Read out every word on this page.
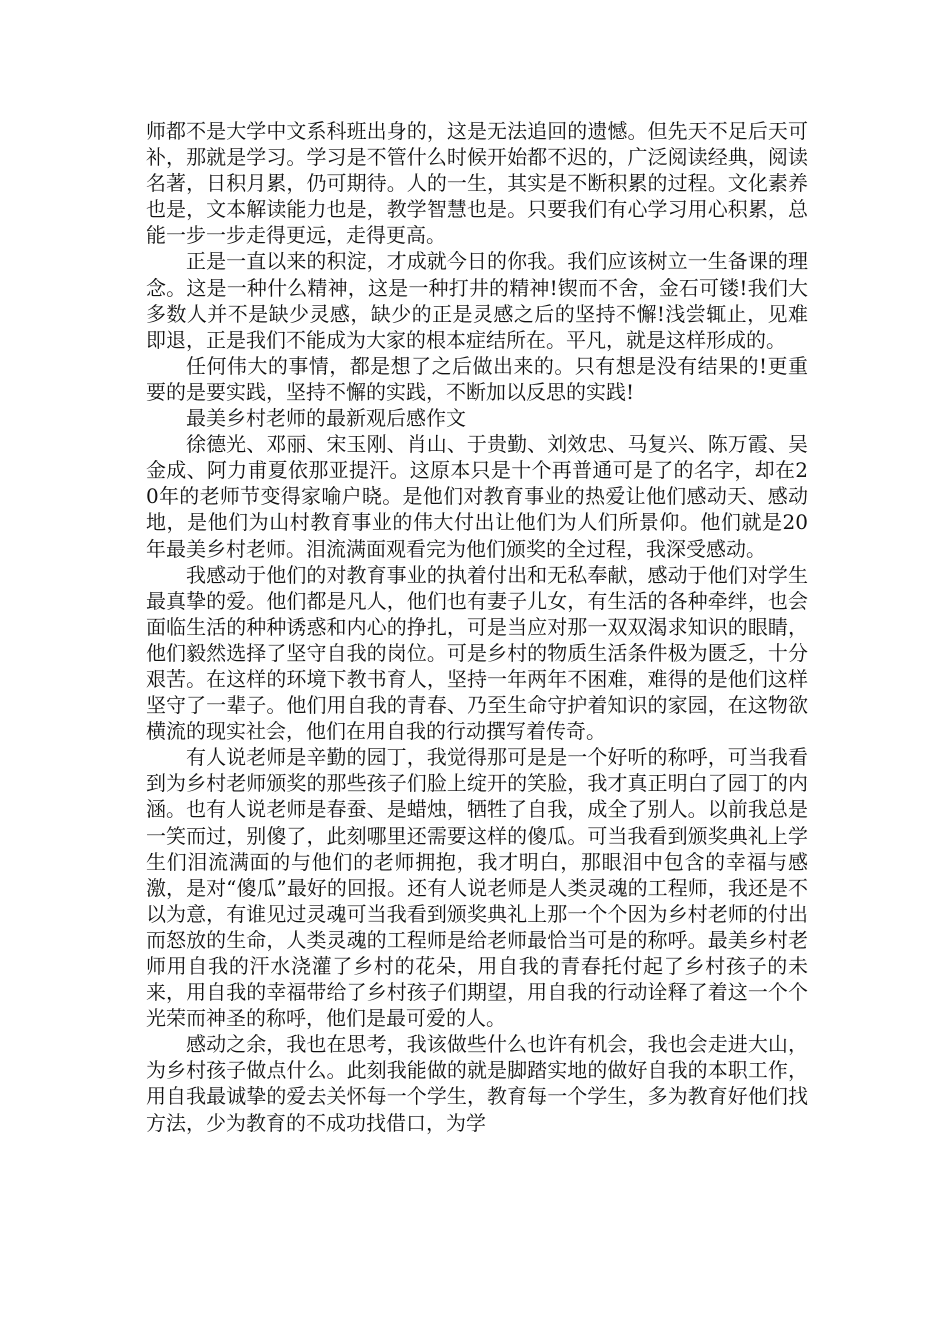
师都不是大学中文系科班出身的，这是无法追回的遗憾。但先天不足后天可补，那就是学习。学习是不管什么时候开始都不迟的，广泛阅读经典，阅读名著，日积月累，仍可期待。人的一生，其实是不断积累的过程。文化素养也是，文本解读能力也是，教学智慧也是。只要我们有心学习用心积累，总能一步一步走得更远，走得更高。

正是一直以来的积淀，才成就今日的你我。我们应该树立一生备课的理念。这是一种什么精神，这是一种打井的精神!锲而不舍，金石可镂!我们大多数人并不是缺少灵感，缺少的正是灵感之后的坚持不懈!浅尝辄止，见难即退，正是我们不能成为大家的根本症结所在。平凡，就是这样形成的。

任何伟大的事情，都是想了之后做出来的。只有想是没有结果的!更重要的是要实践，坚持不懈的实践，不断加以反思的实践!

最美乡村老师的最新观后感作文

徐德光、邓丽、宋玉刚、肖山、于贵勤、刘效忠、马复兴、陈万霞、吴金成、阿力甫夏依那亚提汗。这原本只是十个再普通可是了的名字，却在20年的老师节变得家喻户晓。是他们对教育事业的热爱让他们感动天、感动地，是他们为山村教育事业的伟大付出让他们为人们所景仰。他们就是20年最美乡村老师。泪流满面观看完为他们颁奖的全过程，我深受感动。

我感动于他们的对教育事业的执着付出和无私奉献，感动于他们对学生最真挚的爱。他们都是凡人，他们也有妻子儿女，有生活的各种牵绊，也会面临生活的种种诱惑和内心的挣扎，可是当应对那一双双渴求知识的眼睛，他们毅然选择了坚守自我的岗位。可是乡村的物质生活条件极为匮乏，十分艰苦。在这样的环境下教书育人，坚持一年两年不困难，难得的是他们这样坚守了一辈子。他们用自我的青春、乃至生命守护着知识的家园，在这物欲横流的现实社会，他们在用自我的行动撰写着传奇。

有人说老师是辛勤的园丁，我觉得那可是是一个好听的称呼，可当我看到为乡村老师颁奖的那些孩子们脸上绽开的笑脸，我才真正明白了园丁的内涵。也有人说老师是春蚕、是蜡烛，牺牲了自我，成全了别人。以前我总是一笑而过，别傻了，此刻哪里还需要这样的傻瓜。可当我看到颁奖典礼上学生们泪流满面的与他们的老师拥抱，我才明白，那眼泪中包含的幸福与感激，是对“傻瓜”最好的回报。还有人说老师是人类灵魂的工程师，我还是不以为意，有谁见过灵魂可当我看到颁奖典礼上那一个个因为乡村老师的付出而怒放的生命，人类灵魂的工程师是给老师最恰当可是的称呼。最美乡村老师用自我的汗水浇灌了乡村的花朵，用自我的青春托付起了乡村孩子的未来，用自我的幸福带给了乡村孩子们期望，用自我的行动诠释了着这一个个光荣而神圣的称呼，他们是最可爱的人。

感动之余，我也在思考，我该做些什么也许有机会，我也会走进大山，为乡村孩子做点什么。此刻我能做的就是脚踏实地的做好自我的本职工作，用自我最诚挚的爱去关怀每一个学生，教育每一个学生，多为教育好他们找方法，少为教育的不成功找借口，为学
